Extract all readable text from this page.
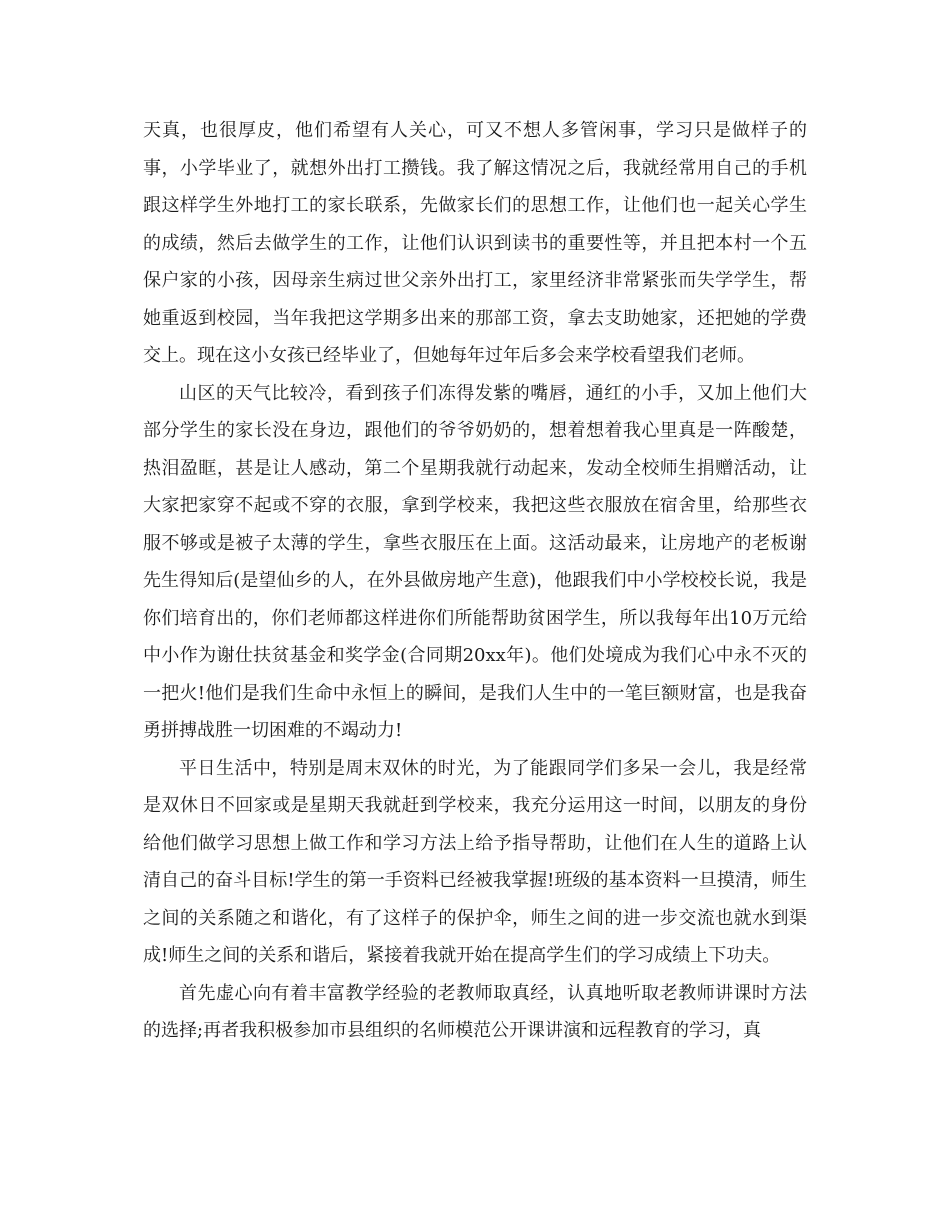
天真，也很厚皮，他们希望有人关心，可又不想人多管闲事，学习只是做样子的事，小学毕业了，就想外出打工攒钱。我了解这情况之后，我就经常用自己的手机跟这样学生外地打工的家长联系，先做家长们的思想工作，让他们也一起关心学生的成绩，然后去做学生的工作，让他们认识到读书的重要性等，并且把本村一个五保户家的小孩，因母亲生病过世父亲外出打工，家里经济非常紧张而失学学生，帮她重返到校园，当年我把这学期多出来的那部工资，拿去支助她家，还把她的学费交上。现在这小女孩已经毕业了，但她每年过年后多会来学校看望我们老师。

山区的天气比较冷，看到孩子们冻得发紫的嘴唇，通红的小手，又加上他们大部分学生的家长没在身边，跟他们的爷爷奶奶的，想着想着我心里真是一阵酸楚，热泪盈眶，甚是让人感动，第二个星期我就行动起来，发动全校师生捐赠活动，让大家把家穿不起或不穿的衣服，拿到学校来，我把这些衣服放在宿舍里，给那些衣服不够或是被子太薄的学生，拿些衣服压在上面。这活动最来，让房地产的老板谢先生得知后(是望仙乡的人，在外县做房地产生意)，他跟我们中小学校校长说，我是你们培育出的，你们老师都这样进你们所能帮助贫困学生，所以我每年出10万元给中小作为谢仕扶贫基金和奖学金(合同期20xx年)。他们处境成为我们心中永不灭的一把火!他们是我们生命中永恒上的瞬间，是我们人生中的一笔巨额财富，也是我奋勇拼搏战胜一切困难的不竭动力!

平日生活中，特别是周末双休的时光，为了能跟同学们多呆一会儿，我是经常是双休日不回家或是星期天我就赶到学校来，我充分运用这一时间，以朋友的身份给他们做学习思想上做工作和学习方法上给予指导帮助，让他们在人生的道路上认清自己的奋斗目标!学生的第一手资料已经被我掌握!班级的基本资料一旦摸清，师生之间的关系随之和谐化，有了这样子的保护伞，师生之间的进一步交流也就水到渠成!师生之间的关系和谐后，紧接着我就开始在提高学生们的学习成绩上下功夫。

首先虚心向有着丰富教学经验的老教师取真经，认真地听取老教师讲课时方法的选择;再者我积极参加市县组织的名师模范公开课讲演和远程教育的学习，真
